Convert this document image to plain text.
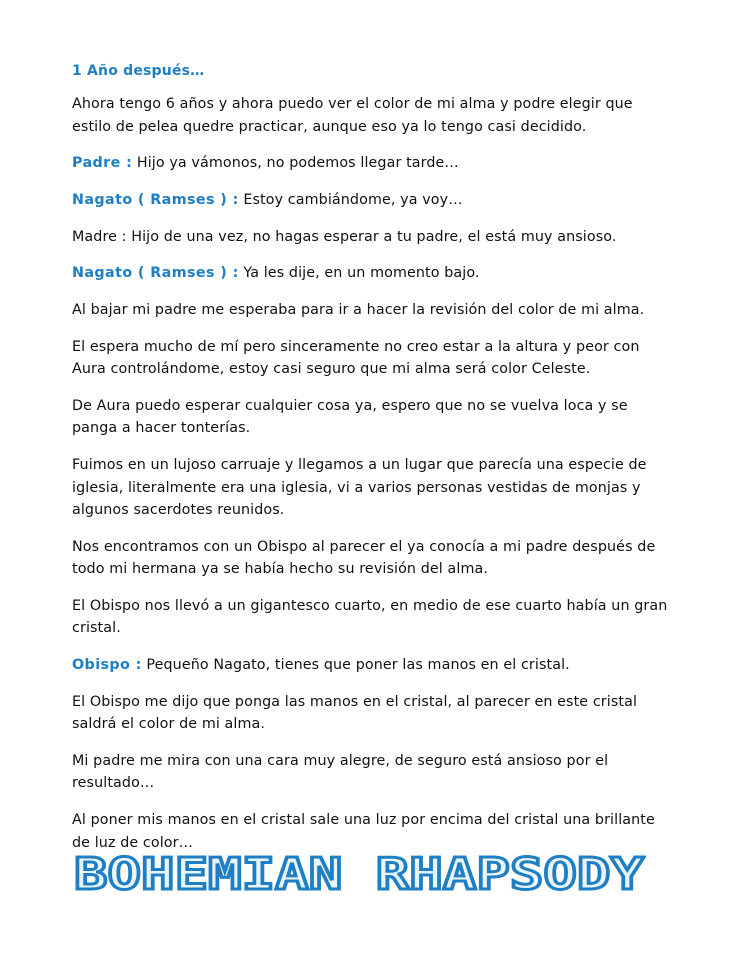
1 Año después…

Ahora tengo 6 años y ahora puedo ver el color de mi alma y podre elegir que estilo de pelea quedre practicar, aunque eso ya lo tengo casi decidido.

Padre : Hijo ya vámonos, no podemos llegar tarde…

Nagato ( Ramses ) : Estoy cambiándome, ya voy…

Madre : Hijo de una vez, no hagas esperar a tu padre, el está muy ansioso.

Nagato ( Ramses ) : Ya les dije, en un momento bajo.

Al bajar mi padre me esperaba para ir a hacer la revisión del color de mi alma.

El espera mucho de mí pero sinceramente no creo estar a la altura y peor con Aura controlándome, estoy casi seguro que mi alma será color Celeste.

De Aura puedo esperar cualquier cosa ya, espero que no se vuelva loca y se panga a hacer tonterías.

Fuimos en un lujoso carruaje y llegamos a un lugar que parecía una especie de iglesia, literalmente era una iglesia, vi a varios personas vestidas de monjas y algunos sacerdotes reunidos.

Nos encontramos con un Obispo al parecer el ya conocía a mi padre después de todo mi hermana ya se había hecho su revisión del alma.

El Obispo nos llevó a un gigantesco cuarto, en medio de ese cuarto había un gran cristal.

Obispo : Pequeño Nagato, tienes que poner las manos en el cristal.

El Obispo me dijo que ponga las manos en el cristal, al parecer en este cristal saldrá el color de mi alma.

Mi padre me mira con una cara muy alegre, de seguro está ansioso por el resultado…

Al poner mis manos en el cristal sale una luz por encima del cristal una brillante de luz de color…

BOHEMIAN RHAPSODY
